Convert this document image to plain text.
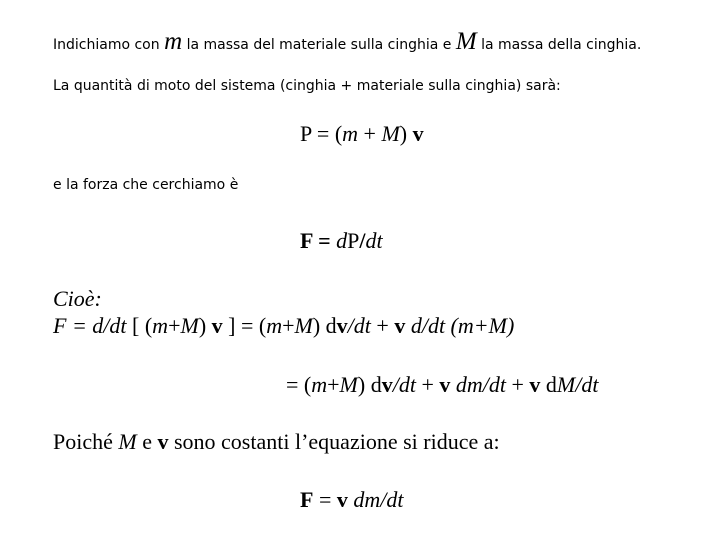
Indichiamo con m la massa del materiale sulla cinghia e M la massa della cinghia.
La quantità di moto del sistema (cinghia + materiale sulla cinghia) sarà:
P = (m + M) v
e la forza che cerchiamo è
F = dP/dt
Cioè:
F = d/dt [ (m+M) v ] = (m+M) dv/dt + v d/dt (m+M)
= (m+M) dv/dt + v dm/dt + v dM/dt
Poiché M e v sono costanti l’equazione si riduce a:
F = v dm/dt
